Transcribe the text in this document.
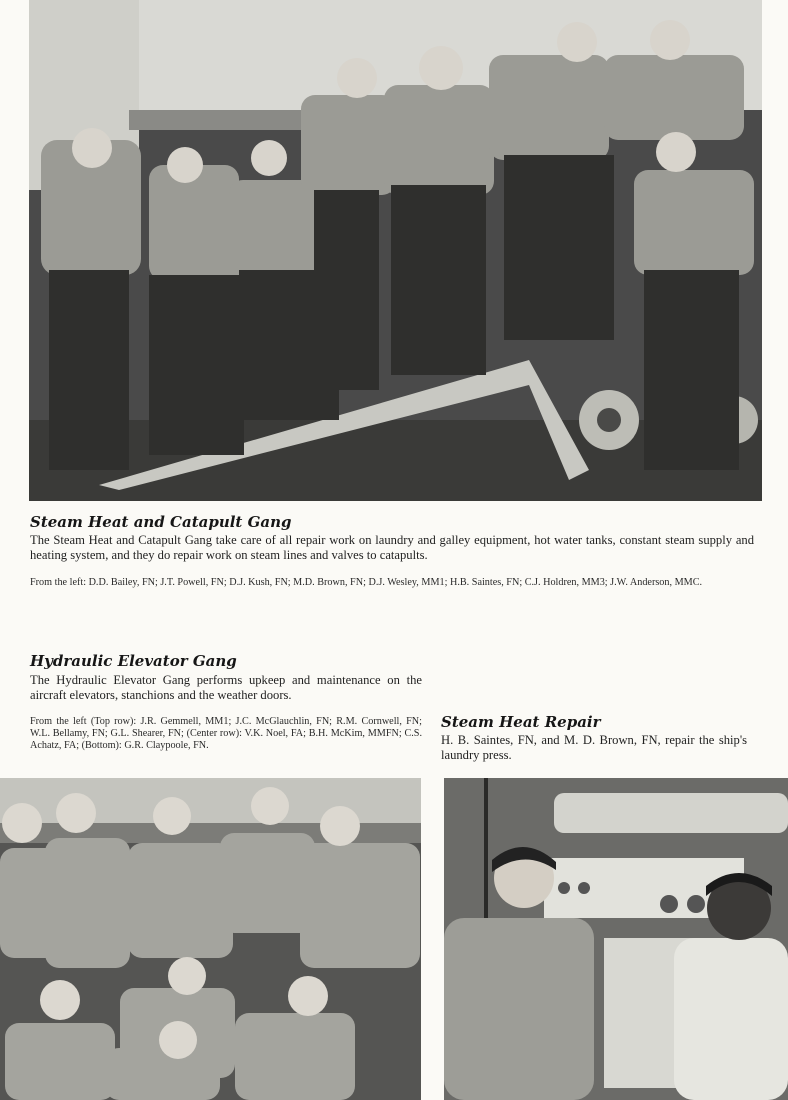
Steam Heat and Catapult Gang

The Steam Heat and Catapult Gang take care of all repair work on laundry and galley equipment, hot water tanks, constant steam supply and heating system, and they do repair work on steam lines and valves to catapults.

From the left: D.D. Bailey, FN; J.T. Powell, FN; D.J. Kush, FN; M.D. Brown, FN; D.J. Wesley, MM1; H.B. Saintes, FN; C.J. Holdren, MM3; J.W. Anderson, MMC.

Hydraulic Elevator Gang

The Hydraulic Elevator Gang performs upkeep and maintenance on the aircraft elevators, stanchions and the weather doors.

From the left (Top row): J.R. Gemmell, MM1; J.C. McGlauchlin, FN; R.M. Cornwell, FN; W.L. Bellamy, FN; G.L. Shearer, FN; (Center row): V.K. Noel, FA; B.H. McKim, MMFN; C.S. Achatz, FA; (Bottom): G.R. Claypoole, FN.

Steam Heat Repair

H. B. Saintes, FN, and M. D. Brown, FN, repair the ship's laundry press.
